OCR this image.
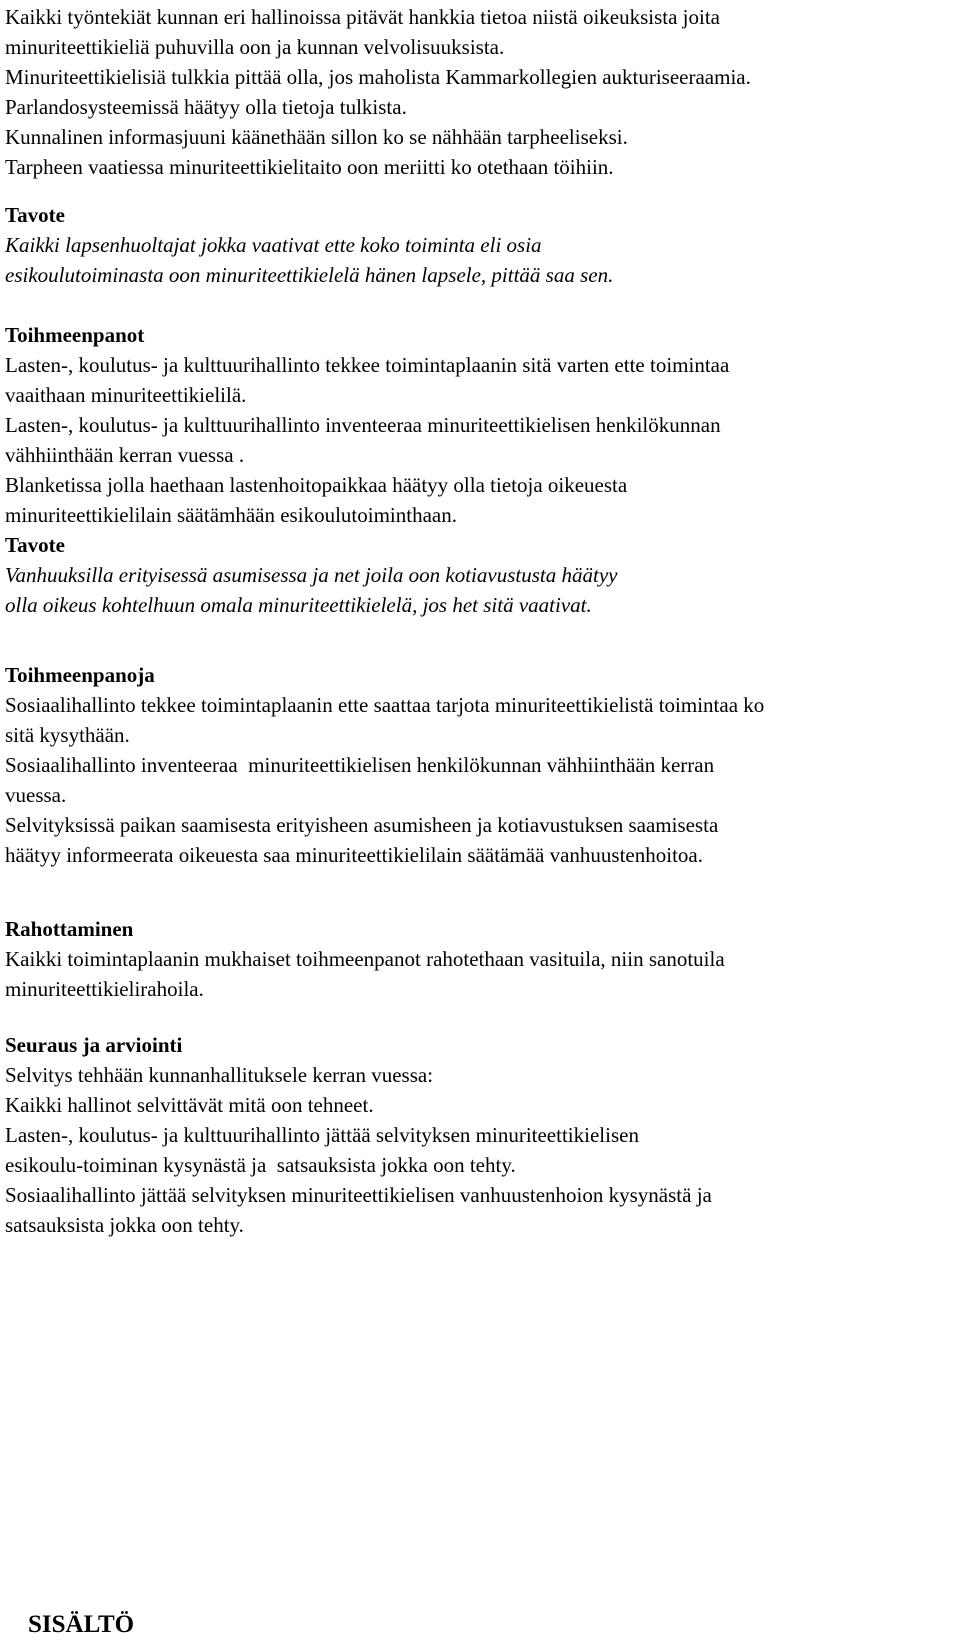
Kaikki työntekiät kunnan eri hallinoissa pitävät hankkia tietoa niistä oikeuksista joita

minuriteettikieliä puhuvilla oon ja kunnan velvolisuuksista.

Minuriteettikielisiä tulkkia pittää olla, jos maholista Kammarkollegien aukturiseeraamia.

Parlandosysteemissä häätyy olla tietoja tulkista.

Kunnalinen informasjuuni käänethään sillon ko se nähhään tarpheeliseksi.

Tarpheen vaatiessa minuriteettikielitaito oon meriitti ko otethaan töihiin.

Tavote

Kaikki lapsenhuoltajat jokka vaativat ette koko toiminta eli osia

esikoulutoiminasta oon minuriteettikielelä hänen lapsele, pittää saa sen.

Toihmeenpanot

Lasten-, koulutus- ja kulttuurihallinto tekkee toimintaplaanin sitä varten ette toimintaa

vaaithaan minuriteettikielilä.

Lasten-, koulutus- ja kulttuurihallinto inventeeraa minuriteettikielisen henkilökunnan

vähhiinthään kerran vuessa .

Blanketissa jolla haethaan lastenhoitopaikkaa häätyy olla tietoja oikeuesta

minuriteettikielilain säätämhään esikoulutoiminthaan.

Tavote

Vanhuuksilla erityisessä asumisessa ja net joila oon kotiavustusta häätyy

olla oikeus kohtelhuun omala minuriteettikielelä, jos het sitä vaativat.

Toihmeenpanoja

Sosiaalihallinto tekkee toimintaplaanin ette saattaa tarjota minuriteettikielistä toimintaa ko

sitä kysythään.

Sosiaalihallinto inventeeraa  minuriteettikielisen henkilökunnan vähhiinthään kerran

vuessa.

Selvityksissä paikan saamisesta erityisheen asumisheen ja kotiavustuksen saamisesta

häätyy informeerata oikeuesta saa minuriteettikielilain säätämää vanhuustenhoitoa.

Rahottaminen

Kaikki toimintaplaanin mukhaiset toihmeenpanot rahotethaan vasituila, niin sanotuila

minuriteettikielirahoila.

Seuraus ja arviointi

Selvitys tehhään kunnanhallituksele kerran vuessa:

Kaikki hallinot selvittävät mitä oon tehneet.

Lasten-, koulutus- ja kulttuurihallinto jättää selvityksen minuriteettikielisen

esikoulu-toiminan kysynästä ja  satsauksista jokka oon tehty.

Sosiaalihallinto jättää selvityksen minuriteettikielisen vanhuustenhoion kysynästä ja

satsauksista jokka oon tehty.

SISÄLTÖ
